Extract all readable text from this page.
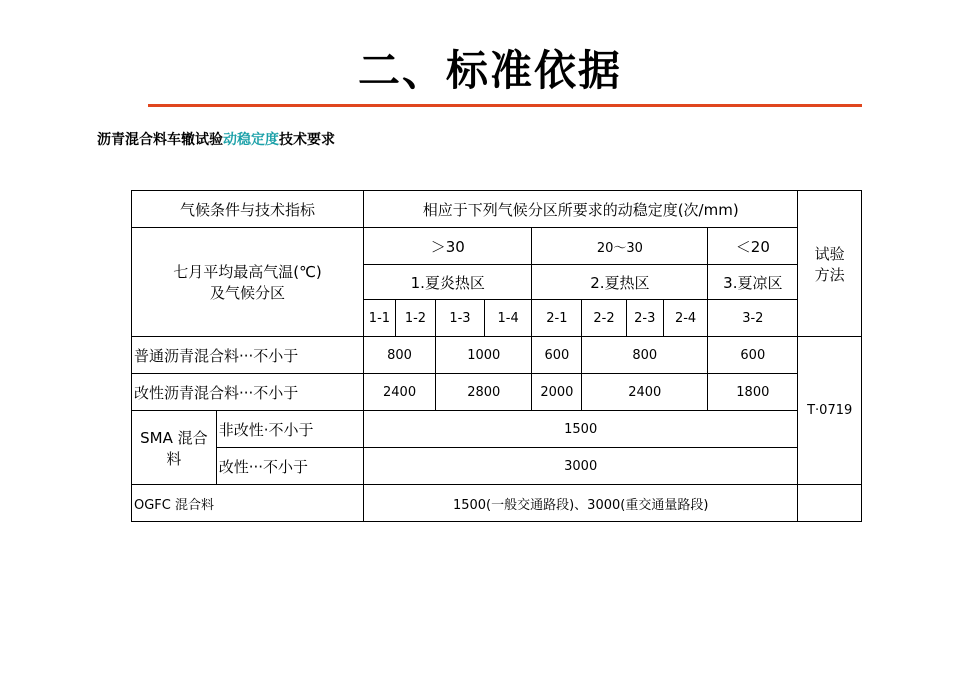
二、标准依据
沥青混合料车辙试验动稳定度技术要求
气候条件与技术指标		相应于下列气候分区所要求的动稳定度(次/mm)									试验
方法
七月平均最高气温(℃)
及气候分区		＞30				20～30				＜20	
		1.夏炎热区				2.夏热区				3.夏凉区	
		1-1	1-2	1-3	1-4	2-1	2-2	2-3	2-4	3-2	
普通沥青混合料···不小于		800		1000		600	800			600	T·0719
改性沥青混合料···不小于		2400		2800		2000	2400			1800	
SMA 混合
料	非改性·不小于	1500									
	改性···不小于	3000									
OGFC 混合料		1500(一般交通路段)、3000(重交通量路段)									
